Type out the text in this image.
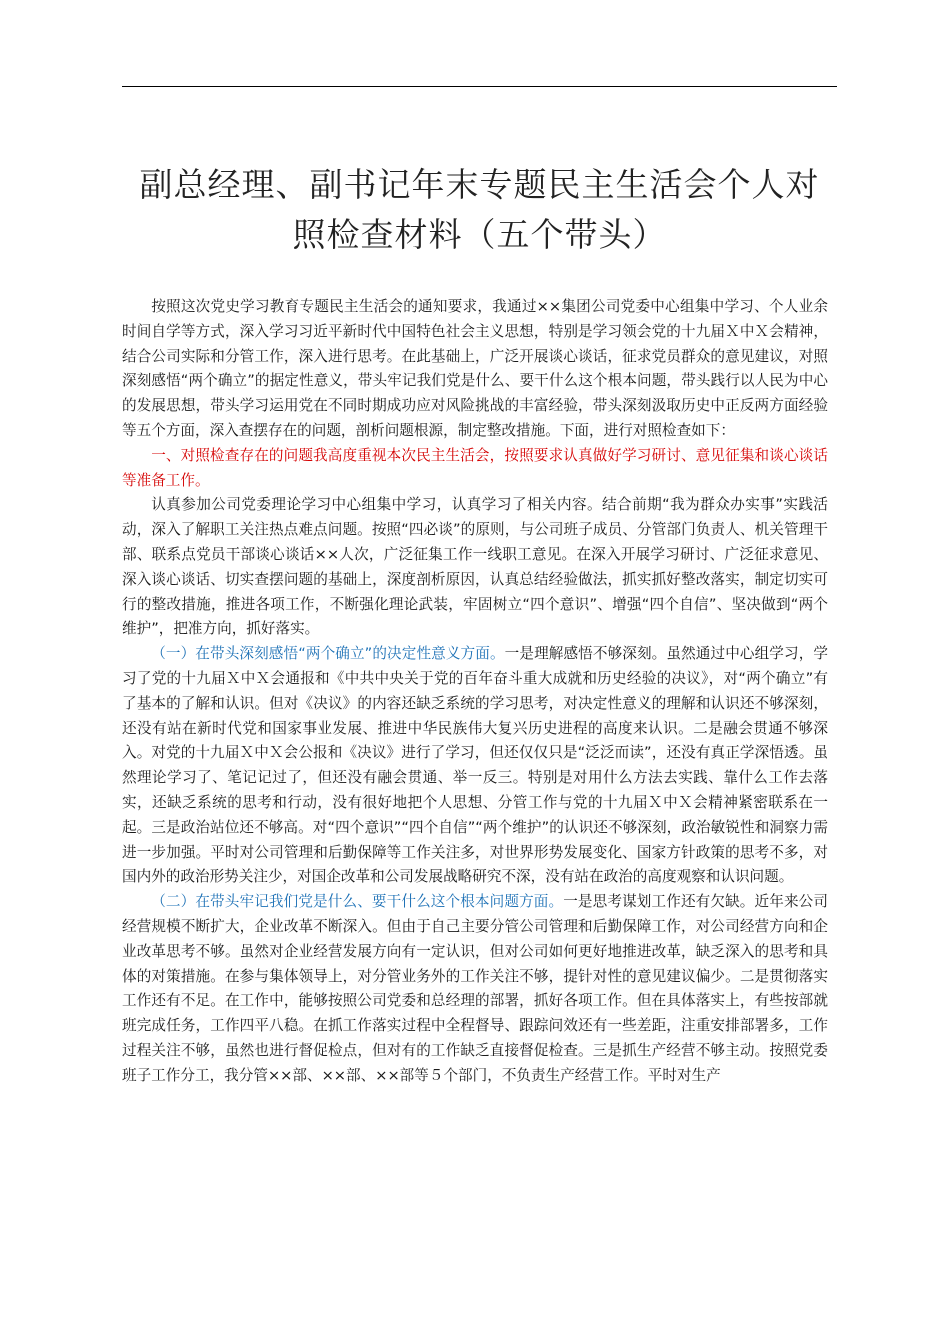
副总经理、副书记年末专题民主生活会个人对
照检查材料（五个带头）

按照这次党史学习教育专题民主生活会的通知要求，我通过××集团公司党委中心组集中学习、个人业余时间自学等方式，深入学习习近平新时代中国特色社会主义思想，特别是学习领会党的十九届Ｘ中Ｘ会精神，结合公司实际和分管工作，深入进行思考。在此基础上，广泛开展谈心谈话，征求党员群众的意见建议，对照深刻感悟“两个确立”的据定性意义，带头牢记我们党是什么、要干什么这个根本问题，带头践行以人民为中心的发展思想，带头学习运用党在不同时期成功应对风险挑战的丰富经验，带头深刻汲取历史中正反两方面经验等五个方面，深入查摆存在的问题，剖析问题根源，制定整改措施。下面，进行对照检查如下：

一、对照检查存在的问题我高度重视本次民主生活会，按照要求认真做好学习研讨、意见征集和谈心谈话等准备工作。

认真参加公司党委理论学习中心组集中学习，认真学习了相关内容。结合前期“我为群众办实事”实践活动，深入了解职工关注热点难点问题。按照“四必谈”的原则，与公司班子成员、分管部门负责人、机关管理干部、联系点党员干部谈心谈话××人次，广泛征集工作一线职工意见。在深入开展学习研讨、广泛征求意见、深入谈心谈话、切实查摆问题的基础上，深度剖析原因，认真总结经验做法，抓实抓好整改落实，制定切实可行的整改措施，推进各项工作，不断强化理论武装，牢固树立“四个意识”、增强“四个自信”、坚决做到“两个维护”，把准方向，抓好落实。

（一）在带头深刻感悟“两个确立”的决定性意义方面。一是理解感悟不够深刻。虽然通过中心组学习，学习了党的十九届Ｘ中Ｘ会通报和《中共中央关于党的百年奋斗重大成就和历史经验的决议》，对“两个确立”有了基本的了解和认识。但对《决议》的内容还缺乏系统的学习思考，对决定性意义的理解和认识还不够深刻，还没有站在新时代党和国家事业发展、推进中华民族伟大复兴历史进程的高度来认识。二是融会贯通不够深入。对党的十九届Ｘ中Ｘ会公报和《决议》进行了学习，但还仅仅只是“泛泛而读”，还没有真正学深悟透。虽然理论学习了、笔记记过了，但还没有融会贯通、举一反三。特别是对用什么方法去实践、靠什么工作去落实，还缺乏系统的思考和行动，没有很好地把个人思想、分管工作与党的十九届Ｘ中Ｘ会精神紧密联系在一起。三是政治站位还不够高。对“四个意识”“四个自信”“两个维护”的认识还不够深刻，政治敏锐性和洞察力需进一步加强。平时对公司管理和后勤保障等工作关注多，对世界形势发展变化、国家方针政策的思考不多，对国内外的政治形势关注少，对国企改革和公司发展战略研究不深，没有站在政治的高度观察和认识问题。

（二）在带头牢记我们党是什么、要干什么这个根本问题方面。一是思考谋划工作还有欠缺。近年来公司经营规模不断扩大，企业改革不断深入。但由于自己主要分管公司管理和后勤保障工作，对公司经营方向和企业改革思考不够。虽然对企业经营发展方向有一定认识，但对公司如何更好地推进改革，缺乏深入的思考和具体的对策措施。在参与集体领导上，对分管业务外的工作关注不够，提针对性的意见建议偏少。二是贯彻落实工作还有不足。在工作中，能够按照公司党委和总经理的部署，抓好各项工作。但在具体落实上，有些按部就班完成任务，工作四平八稳。在抓工作落实过程中全程督导、跟踪问效还有一些差距，注重安排部署多，工作过程关注不够，虽然也进行督促检点，但对有的工作缺乏直接督促检查。三是抓生产经营不够主动。按照党委班子工作分工，我分管××部、××部、××部等５个部门，不负责生产经营工作。平时对生产
